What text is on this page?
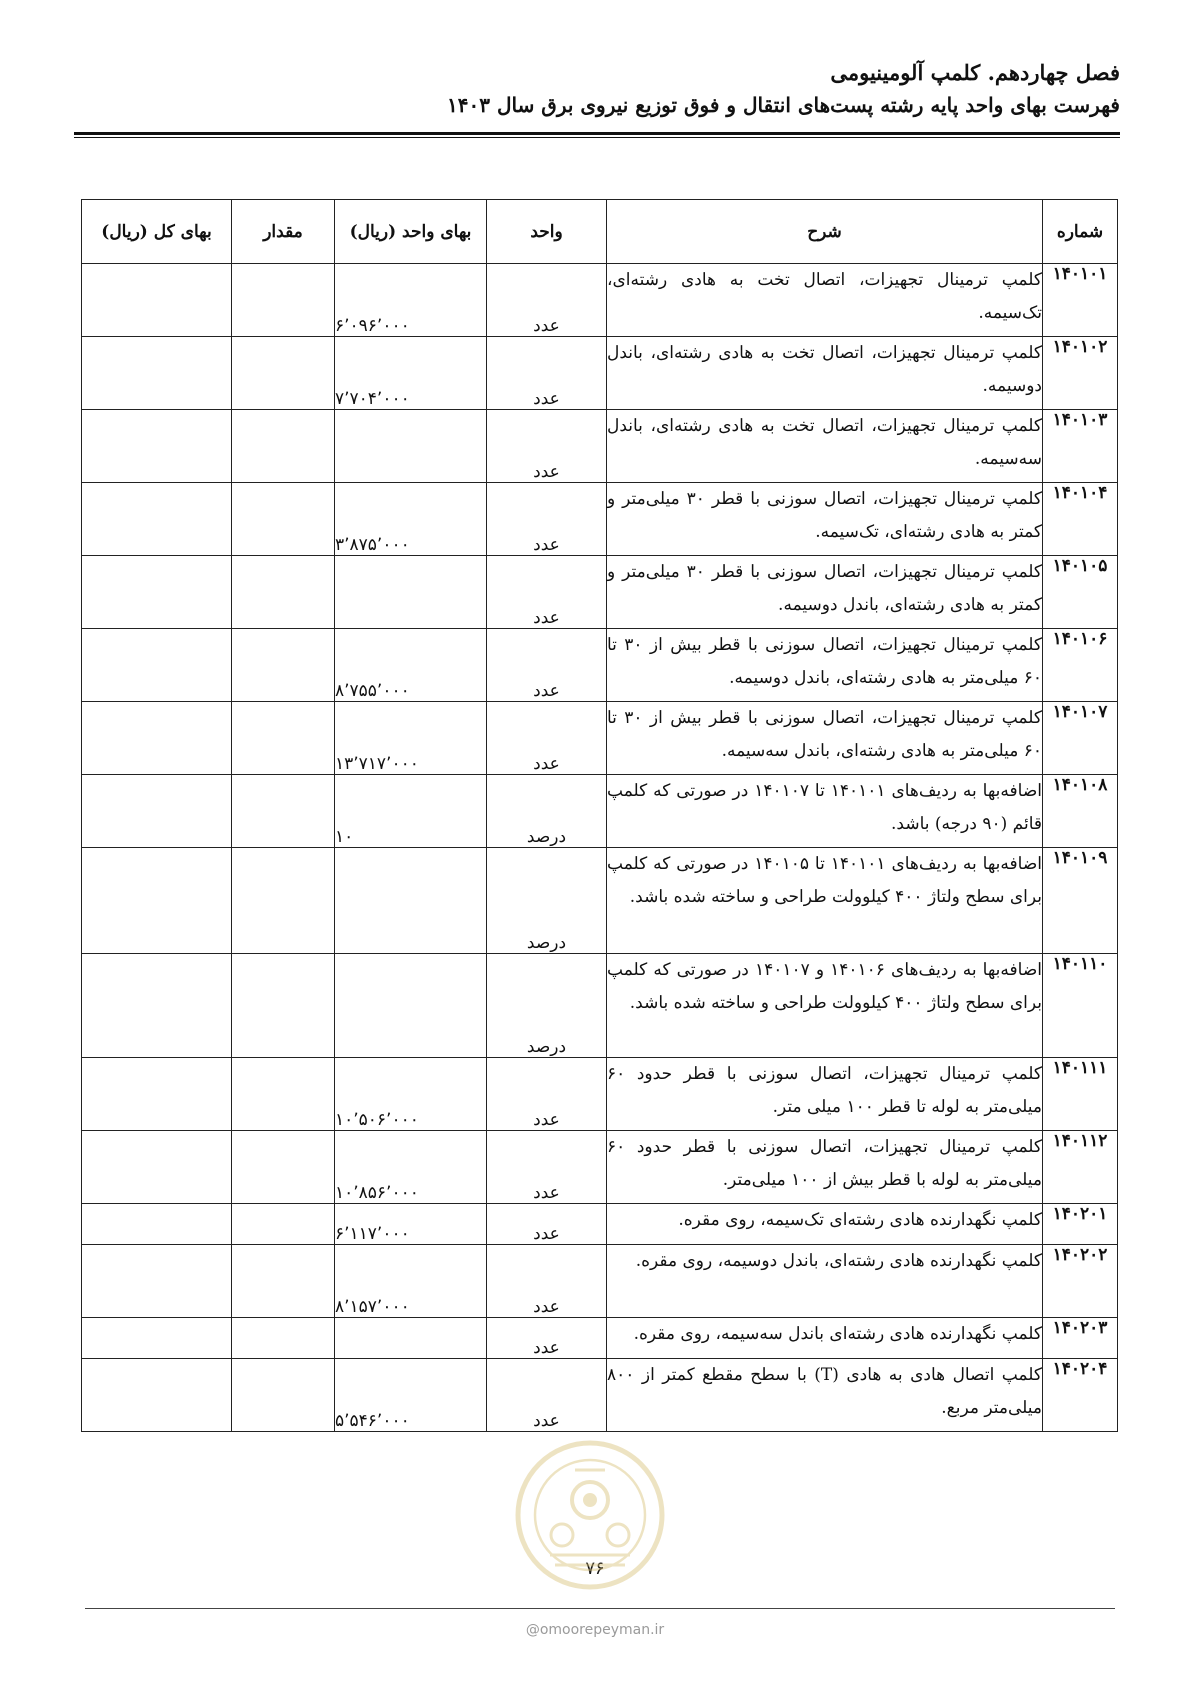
فصل چهاردهم. کلمپ آلومینیومی
فهرست بهای واحد پایه رشته پست‌های انتقال و فوق توزیع نیروی برق سال ۱۴۰۳
شماره	شرح	واحد	بهای واحد (ریال)	مقدار	بهای کل (ریال)
۱۴۰۱۰۱	کلمپ ترمینال تجهیزات، اتصال تخت به هادی رشته‌ای، تک‌سیمه.	عدد	۶٬۰۹۶٬۰۰۰		
۱۴۰۱۰۲	کلمپ ترمینال تجهیزات، اتصال تخت به هادی رشته‌ای، باندل دوسیمه.	عدد	۷٬۷۰۴٬۰۰۰		
۱۴۰۱۰۳	کلمپ ترمینال تجهیزات، اتصال تخت به هادی رشته‌ای، باندل سه‌سیمه.	عدد			
۱۴۰۱۰۴	کلمپ ترمینال تجهیزات، اتصال سوزنی با قطر ۳۰ میلی‌متر و کمتر به هادی رشته‌ای، تک‌سیمه.	عدد	۳٬۸۷۵٬۰۰۰		
۱۴۰۱۰۵	کلمپ ترمینال تجهیزات، اتصال سوزنی با قطر ۳۰ میلی‌متر و کمتر به هادی رشته‌ای، باندل دوسیمه.	عدد			
۱۴۰۱۰۶	کلمپ ترمینال تجهیزات، اتصال سوزنی با قطر بیش از ۳۰ تا ۶۰ میلی‌متر به هادی رشته‌ای، باندل دوسیمه.	عدد	۸٬۷۵۵٬۰۰۰		
۱۴۰۱۰۷	کلمپ ترمینال تجهیزات، اتصال سوزنی با قطر بیش از ۳۰ تا ۶۰ میلی‌متر به هادی رشته‌ای، باندل سه‌سیمه.	عدد	۱۳٬۷۱۷٬۰۰۰		
۱۴۰۱۰۸	اضافه‌بها به ردیف‌های ۱۴۰۱۰۱ تا ۱۴۰۱۰۷ در صورتی که کلمپ قائم (۹۰ درجه) باشد.	درصد	۱۰		
۱۴۰۱۰۹	اضافه‌بها به ردیف‌های ۱۴۰۱۰۱ تا ۱۴۰۱۰۵ در صورتی که کلمپ برای سطح ولتاژ ۴۰۰ کیلوولت طراحی و ساخته شده باشد.	درصد			
۱۴۰۱۱۰	اضافه‌بها به ردیف‌های ۱۴۰۱۰۶ و ۱۴۰۱۰۷ در صورتی که کلمپ برای سطح ولتاژ ۴۰۰ کیلوولت طراحی و ساخته شده باشد.	درصد			
۱۴۰۱۱۱	کلمپ ترمینال تجهیزات، اتصال سوزنی با قطر حدود ۶۰ میلی‌متر به لوله تا قطر ۱۰۰ میلی متر.	عدد	۱۰٬۵۰۶٬۰۰۰		
۱۴۰۱۱۲	کلمپ ترمینال تجهیزات، اتصال سوزنی با قطر حدود ۶۰ میلی‌متر به لوله با قطر بیش از ۱۰۰ میلی‌متر.	عدد	۱۰٬۸۵۶٬۰۰۰		
۱۴۰۲۰۱	کلمپ نگهدارنده هادی رشته‌ای تک‌سیمه، روی مقره.	عدد	۶٬۱۱۷٬۰۰۰		
۱۴۰۲۰۲	کلمپ نگهدارنده هادی رشته‌ای، باندل دوسیمه، روی مقره.	عدد	۸٬۱۵۷٬۰۰۰		
۱۴۰۲۰۳	کلمپ نگهدارنده هادی رشته‌ای باندل سه‌سیمه، روی مقره.	عدد			
۱۴۰۲۰۴	کلمپ اتصال هادی به هادی (T) با سطح مقطع کمتر از ۸۰۰ میلی‌متر مربع.	عدد	۵٬۵۴۶٬۰۰۰		
۷۶
@omoorepeyman.ir
